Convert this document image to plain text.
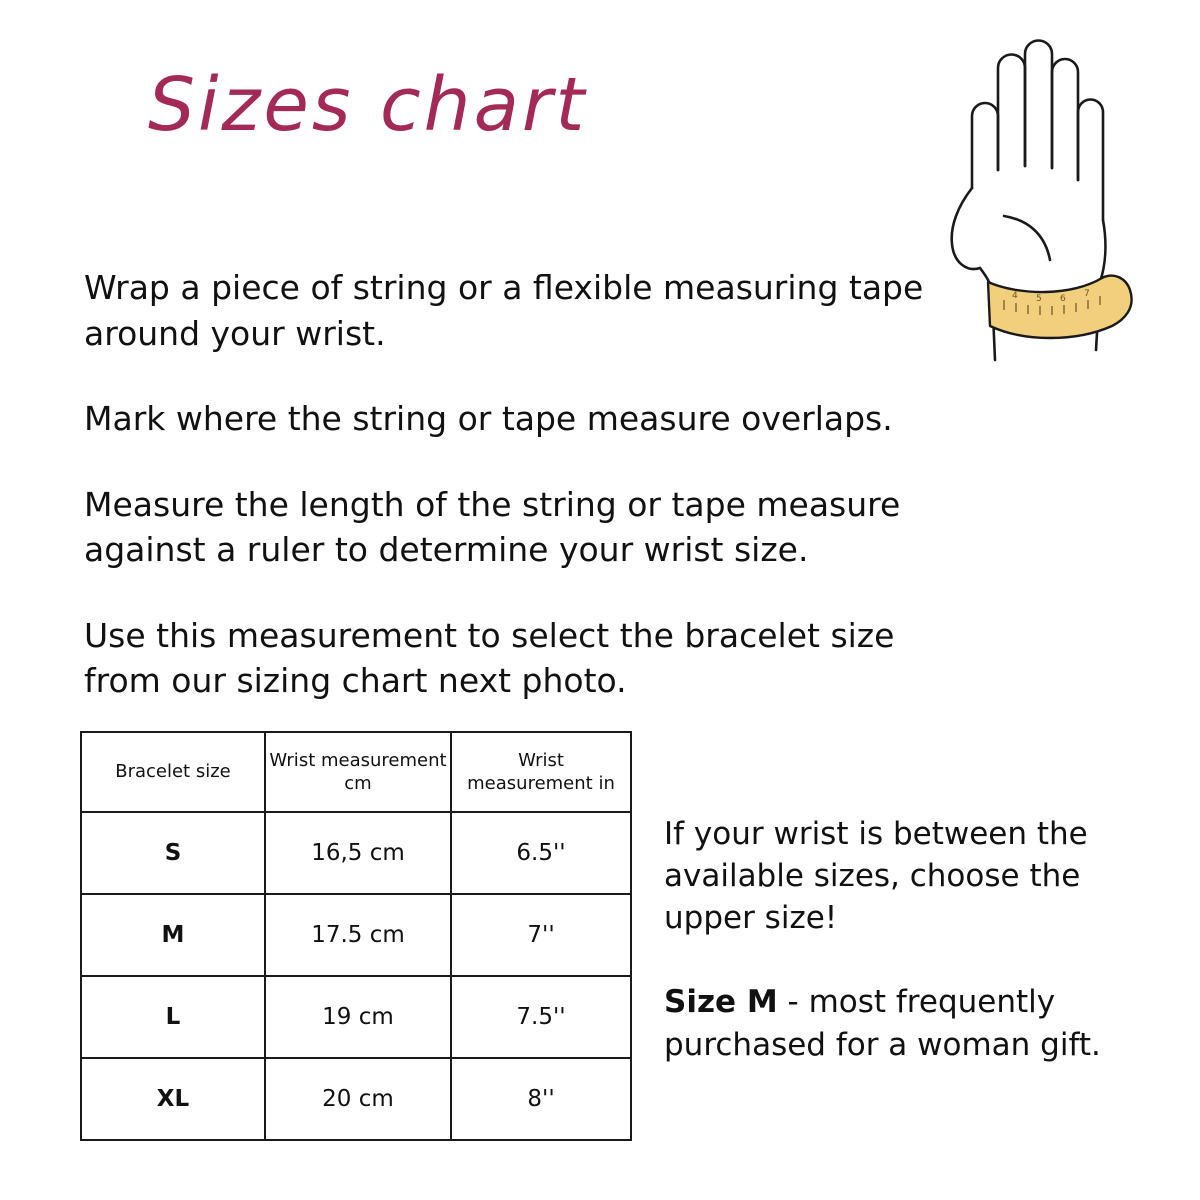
Sizes chart
4 5 6 7

Wrap a piece of string or a flexible measuring tape around your wrist.

Mark where the string or tape measure overlaps.

Measure the length of the string or tape measure against a ruler to determine your wrist size.

Use this measurement to select the bracelet size from our sizing chart next photo.

Bracelet size	Wrist measurement cm	Wrist measurement in
S	16,5 cm	6.5''
M	17.5 cm	7''
L	19 cm	7.5''
XL	20 cm	8''

If your wrist is between the available sizes, choose the upper size!

Size M - most frequently purchased for a woman gift.
